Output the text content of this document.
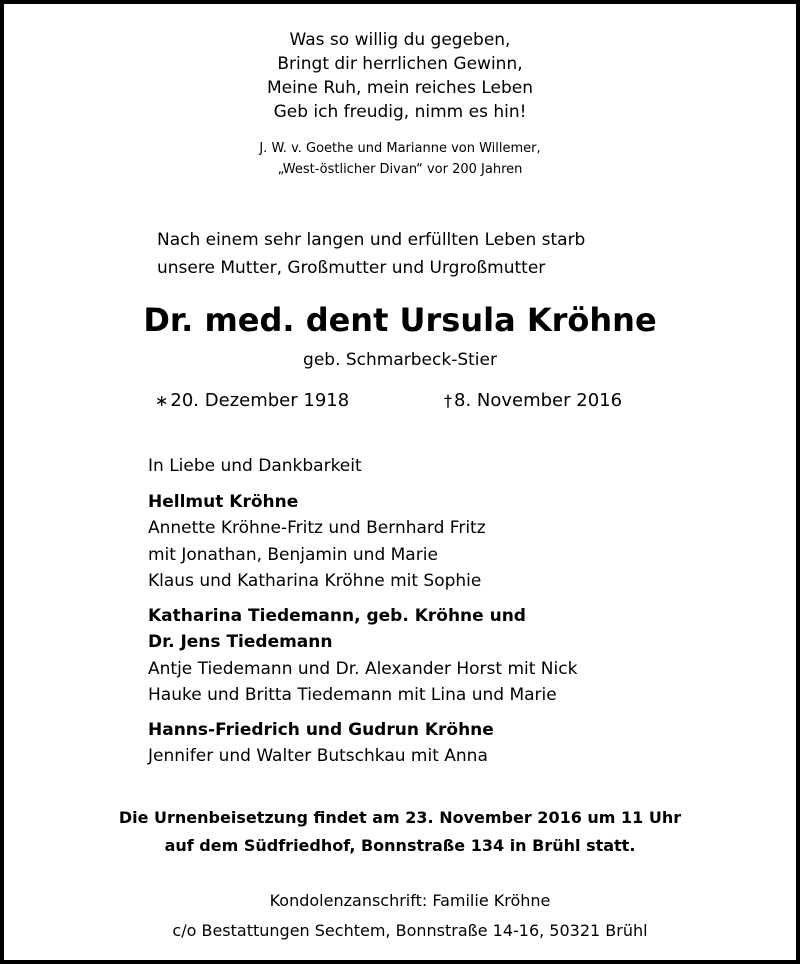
Was so willig du gegeben,
Bringt dir herrlichen Gewinn,
Meine Ruh, mein reiches Leben
Geb ich freudig, nimm es hin!
J. W. v. Goethe und Marianne von Willemer,
„West-östlicher Divan“ vor 200 Jahren
Nach einem sehr langen und erfüllten Leben starb
unsere Mutter, Großmutter und Urgroßmutter
Dr. med. dent Ursula Kröhne
geb. Schmarbeck-Stier
∗ 20. Dezember 1918	† 8. November 2016
In Liebe und Dankbarkeit
Hellmut Kröhne
Annette Kröhne-Fritz und Bernhard Fritz
mit Jonathan, Benjamin und Marie
Klaus und Katharina Kröhne mit Sophie
Katharina Tiedemann, geb. Kröhne und
Dr. Jens Tiedemann
Antje Tiedemann und Dr. Alexander Horst mit Nick
Hauke und Britta Tiedemann mit Lina und Marie
Hanns-Friedrich und Gudrun Kröhne
Jennifer und Walter Butschkau mit Anna
Die Urnenbeisetzung findet am 23. November 2016 um 11 Uhr
auf dem Südfriedhof, Bonnstraße 134 in Brühl statt.
Kondolenzanschrift: Familie Kröhne
c/o Bestattungen Sechtem, Bonnstraße 14-16, 50321 Brühl
